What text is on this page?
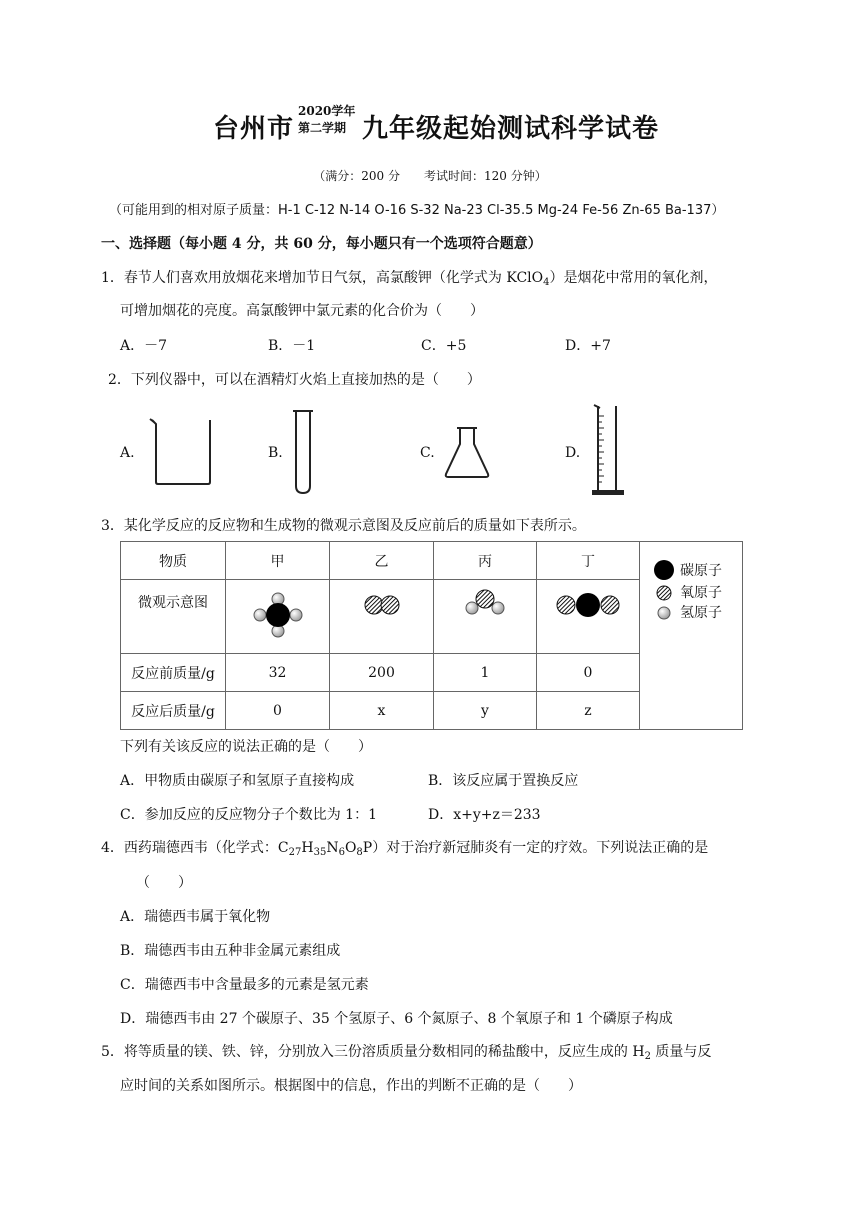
台州市
2020学年
第二学期 九年级起始测试科学试卷
（满分：200 分　　考试时间：120 分钟）
（可能用到的相对原子质量：H-1 C-12 N-14 O-16 S-32 Na-23 Cl-35.5 Mg-24 Fe-56 Zn-65 Ba-137）
一、选择题（每小题 4 分，共 60 分，每小题只有一个选项符合题意）
1．春节人们喜欢用放烟花来增加节日气氛，高氯酸钾（化学式为 KClO$_4$）是烟花中常用的氧化剂，
可增加烟花的亮度。高氯酸钾中氯元素的化合价为（　　）
A．－7	B．－1	C．+5	D．+7
2．下列仪器中，可以在酒精灯火焰上直接加热的是（　　）
A.	B.	C.	D.
3．某化学反应的反应物和生成物的微观示意图及反应前后的质量如下表所示。
物质	甲	乙	丙	丁	碳原子
氧原子
氢原子

微观示意图				
反应前质量/g	32	200	1	0	
反应后质量/g	0	x	y	z	
下列有关该反应的说法正确的是（　　）
A．甲物质由碳原子和氢原子直接构成	B．该反应属于置换反应
C．参加反应的反应物分子个数比为 1：1	D．x+y+z＝233
4．西药瑞德西韦（化学式：$C_{27}H_{35}N_6O_8P$）对于治疗新冠肺炎有一定的疗效。下列说法正确的是
（　　）
A．瑞德西韦属于氧化物
B．瑞德西韦由五种非金属元素组成
C．瑞德西韦中含量最多的元素是氢元素
D．瑞德西韦由 27 个碳原子、35 个氢原子、6 个氮原子、8 个氧原子和 1 个磷原子构成
5．将等质量的镁、铁、锌，分别放入三份溶质质量分数相同的稀盐酸中，反应生成的 $H_2$ 质量与反
应时间的关系如图所示。根据图中的信息，作出的判断不正确的是（　　）
